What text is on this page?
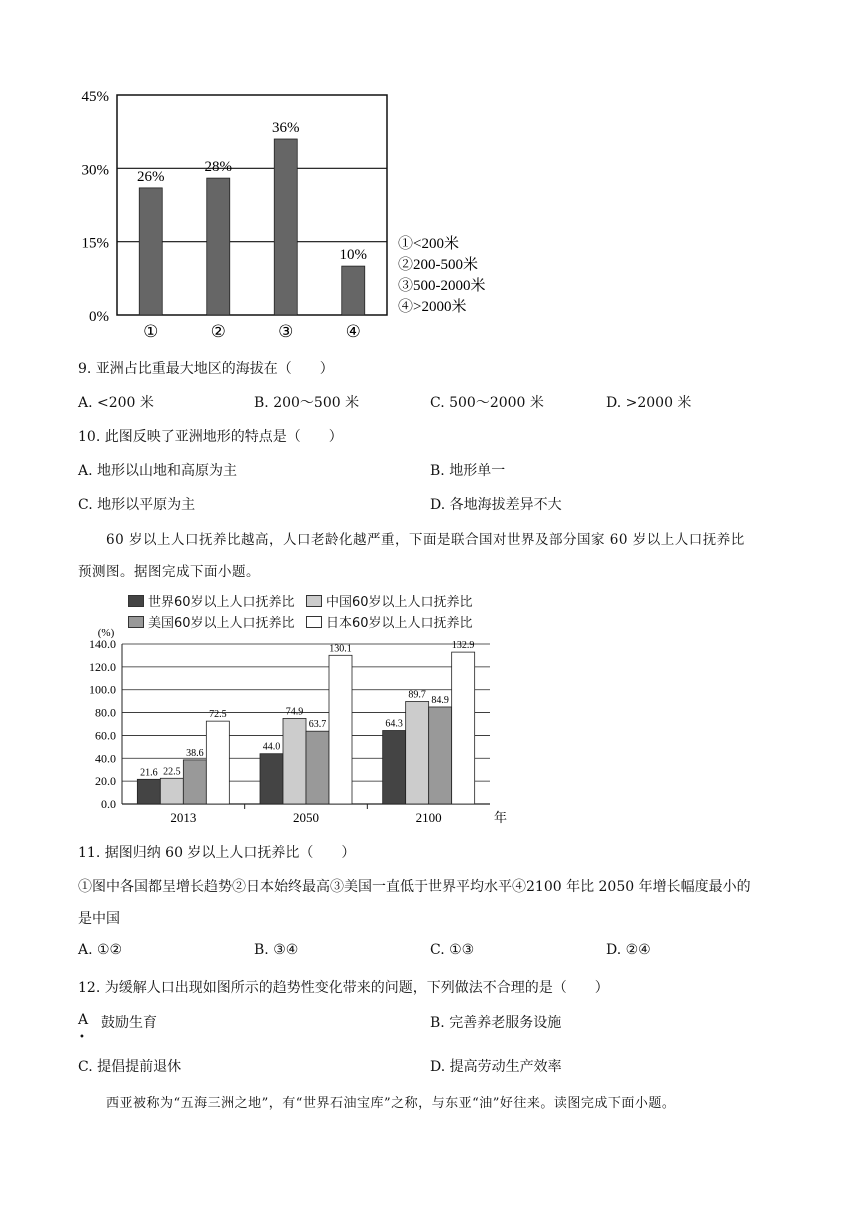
0%
15%
30%
45%
26%
①
28%
②
36%
③
10%
④
①<200米
②200-500米
③500-2000米
④>2000米
9. 亚洲占比重最大地区的海拔在（　　）
A. <200 米	B. 200～500 米	C. 500～2000 米	D. >2000 米
10. 此图反映了亚洲地形的特点是（　　）
A. 地形以山地和高原为主	B. 地形单一
C. 地形以平原为主	D. 各地海拔差异不大
60 岁以上人口抚养比越高，人口老龄化越严重，下面是联合国对世界及部分国家 60 岁以上人口抚养比
预测图。据图完成下面小题。
世界60岁以上人口抚养比 中国60岁以上人口抚养比
美国60岁以上人口抚养比 日本60岁以上人口抚养比
(%)
0.0
20.0
40.0
60.0
80.0
100.0
120.0
140.0
21.6 22.5
38.6
72.5
2013
44.0
74.9
63.7
130.1
2050
64.3
89.7 84.9
132.9
2100	年
11. 据图归纳 60 岁以上人口抚养比（　　）
①图中各国都呈增长趋势②日本始终最高③美国一直低于世界平均水平④2100 年比 2050 年增长幅度最小的
是中国
A. ①②	B. ③④	C. ①③	D. ②④
12. 为缓解人口出现如图所示的趋势性变化带来的问题，下列做法不合理的是（　　）
A
•
鼓励生育	B. 完善养老服务设施
C. 提倡提前退休	D. 提高劳动生产效率
西亚被称为“五海三洲之地”，有“世界石油宝库”之称，与东亚“油”好往来。读图完成下面小题。
